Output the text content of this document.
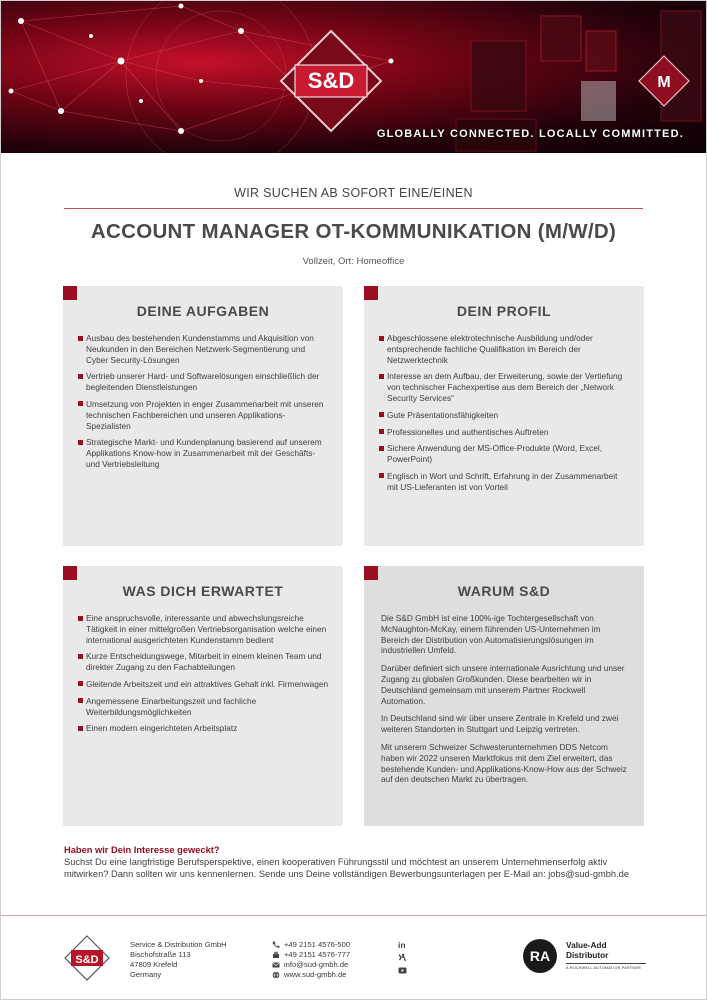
S&D	M
GLOBALLY CONNECTED. LOCALLY COMMITTED.
WIR SUCHEN AB SOFORT EINE/EINEN
ACCOUNT MANAGER OT-KOMMUNIKATION (M/W/D)
Vollzeit, Ort: Homeoffice
DEINE AUFGABEN
Ausbau des bestehenden Kundenstamms und Akquisition von Neukunden in den Bereichen Netzwerk-Segmentierung und Cyber Security-Lösungen
Vertrieb unserer Hard- und Softwarelösungen einschließlich der begleitenden Dienstleistungen
Umsetzung von Projekten in enger Zusammenarbeit mit unseren technischen Fachbereichen und unseren Applikations-Spezialisten
Strategische Markt- und Kundenplanung basierend auf unserem Applikations Know-how in Zusammenarbeit mit der Geschäfts- und Vertriebsleitung
DEIN PROFIL
Abgeschlossene elektrotechnische Ausbildung und/oder entsprechende fachliche Qualifikation im Bereich der Netzwerktechnik
Interesse an dem Aufbau, der Erweiterung, sowie der Vertiefung von technischer Fachexpertise aus dem Bereich der „Network Security Services“
Gute Präsentationsfähigkeiten
Professionelles und authentisches Auftreten
Sichere Anwendung der MS-Office-Produkte (Word, Excel, PowerPoint)
Englisch in Wort und Schrift, Erfahrung in der Zusammenarbeit mit US-Lieferanten ist von Vorteil
WAS DICH ERWARTET
Eine anspruchsvolle, interessante und abwechslungsreiche Tätigkeit in einer mittelgroßen Vertriebsorganisation welche einen international ausgerichteten Kundenstamm bedient
Kurze Entscheidungswege, Mitarbeit in einem kleinen Team und direkter Zugang zu den Fachabteilungen
Gleitende Arbeitszeit und ein attraktives Gehalt inkl. Firmenwagen
Angemessene Einarbeitungszeit und fachliche Weiterbildungsmöglichkeiten
Einen modern eingerichteten Arbeitsplatz
WARUM S&D

Die S&D GmbH ist eine 100%-ige Tochtergesellschaft von McNaughton-McKay, einem führenden US-Unternehmen im Bereich der Distribution von Automatisierungslösungen im industriellen Umfeld.

Darüber definiert sich unsere internationale Ausrichtung und unser Zugang zu globalen Großkunden. Diese bearbeiten wir in Deutschland gemeinsam mit unserem Partner Rockwell Automation.

In Deutschland sind wir über unsere Zentrale in Krefeld und zwei weiteren Standorten in Stuttgart und Leipzig vertreten.

Mit unserem Schweizer Schwesterunternehmen DDS Netcom haben wir 2022 unseren Marktfokus mit dem Ziel erweitert, das bestehende Kunden- und Applikations-Know-How aus der Schweiz auf den deutschen Markt zu übertragen.

Haben wir Dein Interesse geweckt?
Suchst Du eine langfristige Berufsperspektive, einen kooperativen Führungsstil und möchtest an unserem Unternehmenserfolg aktiv mitwirken? Dann sollten wir uns kennenlernen. Sende uns Deine vollständigen Bewerbungsunterlagen per E-Mail an: jobs@sud-gmbh.de
S&D
Service & Distribution GmbH
Bischofstraße 113
47809 Krefeld
Germany
+49 2151 4576-500
+49 2151 4576-777
info@sud-gmbh.de
www.sud-gmbh.de
in
RA
Value-Add
Distributor
A ROCKWELL AUTOMATION PARTNER
